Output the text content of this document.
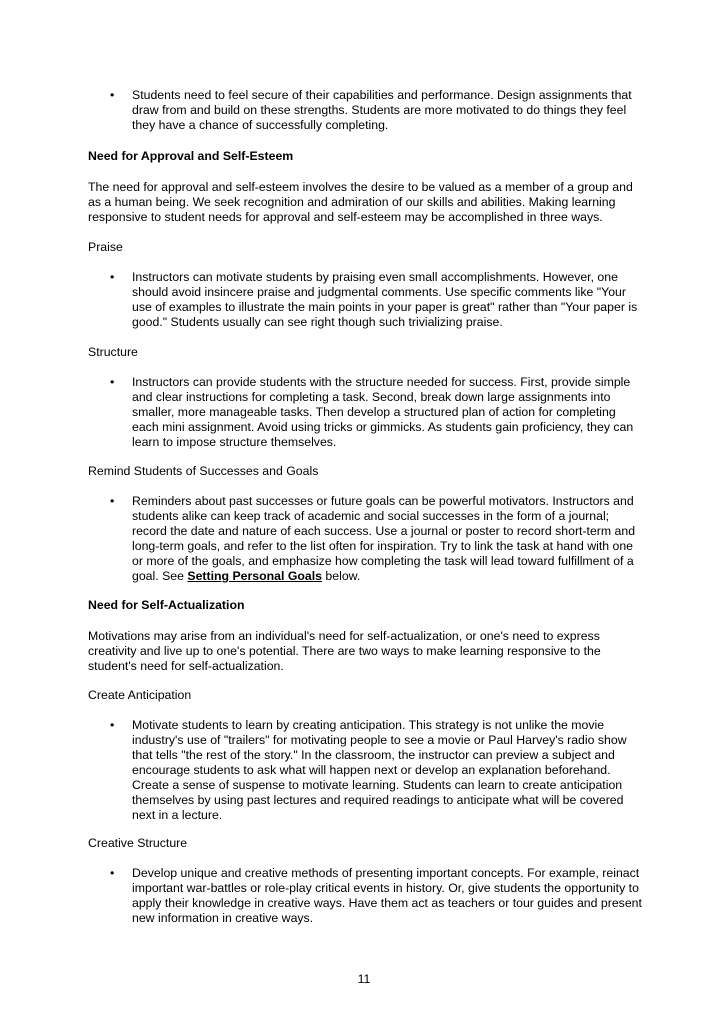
• Students need to feel secure of their capabilities and performance. Design assignments that draw from and build on these strengths. Students are more motivated to do things they feel they have a chance of successfully completing.

Need for Approval and Self-Esteem

The need for approval and self-esteem involves the desire to be valued as a member of a group and as a human being. We seek recognition and admiration of our skills and abilities. Making learning responsive to student needs for approval and self-esteem may be accomplished in three ways.

Praise

• Instructors can motivate students by praising even small accomplishments. However, one should avoid insincere praise and judgmental comments. Use specific comments like "Your use of examples to illustrate the main points in your paper is great" rather than "Your paper is good." Students usually can see right though such trivializing praise.

Structure

• Instructors can provide students with the structure needed for success. First, provide simple and clear instructions for completing a task. Second, break down large assignments into smaller, more manageable tasks. Then develop a structured plan of action for completing each mini assignment. Avoid using tricks or gimmicks. As students gain proficiency, they can learn to impose structure themselves.

Remind Students of Successes and Goals

• Reminders about past successes or future goals can be powerful motivators. Instructors and students alike can keep track of academic and social successes in the form of a journal; record the date and nature of each success. Use a journal or poster to record short-term and long-term goals, and refer to the list often for inspiration. Try to link the task at hand with one or more of the goals, and emphasize how completing the task will lead toward fulfillment of a goal. See Setting Personal Goals below.

Need for Self-Actualization

Motivations may arise from an individual's need for self-actualization, or one's need to express creativity and live up to one's potential. There are two ways to make learning responsive to the student's need for self-actualization.

Create Anticipation

• Motivate students to learn by creating anticipation. This strategy is not unlike the movie industry's use of "trailers" for motivating people to see a movie or Paul Harvey's radio show that tells "the rest of the story." In the classroom, the instructor can preview a subject and encourage students to ask what will happen next or develop an explanation beforehand. Create a sense of suspense to motivate learning. Students can learn to create anticipation themselves by using past lectures and required readings to anticipate what will be covered next in a lecture.

Creative Structure

• Develop unique and creative methods of presenting important concepts. For example, reinact important war-battles or role-play critical events in history. Or, give students the opportunity to apply their knowledge in creative ways. Have them act as teachers or tour guides and present new information in creative ways.
11
